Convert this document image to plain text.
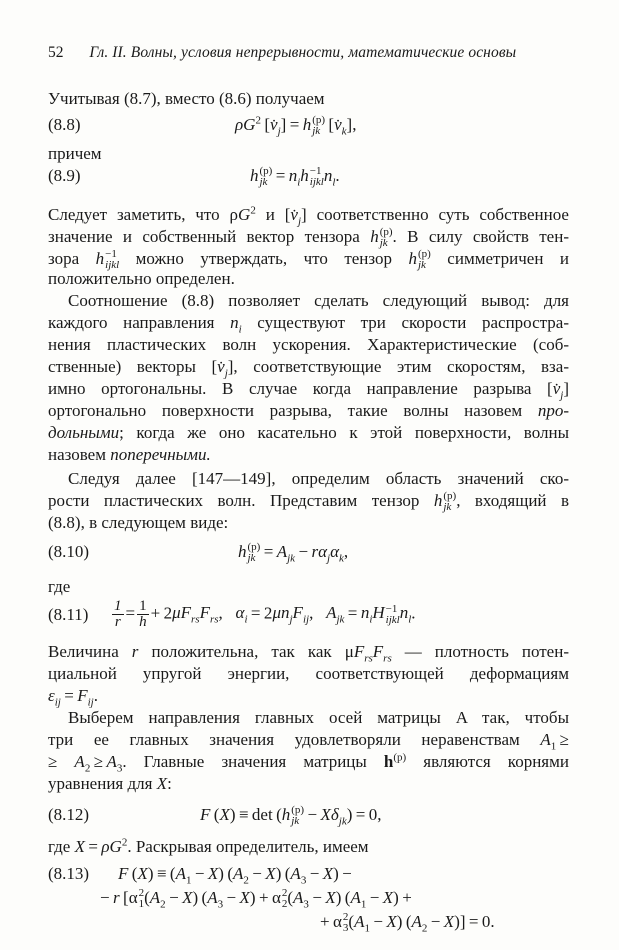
52 Гл. II. Волны, условия непрерывности, математические основы
Учитывая (8.7), вместо (8.6) получаем
(8.8)	$\rho G^2$ $[v̇_j] = h$ (p)
jk  $[v̇_k]$,
причем
(8.9)	h (p)
jk  = $n_ih -1$
ijkl $n_l$.
Следует заметить, что $\rho G^2$ и $[v̇_j]$ соответственно суть собственное
значение и собственный вектор тензора h (p)
jk . В силу свойств тен-
зора h −1
ijkl можно утверждать, что тензор h (p)
jk симметричен и
положительно определен.
Соотношение (8.8) позволяет сделать следующий вывод: для
каждого направления $n_i$ существуют три скорости распростра-
нения пластических волн ускорения. Характеристические (соб-
ственные) векторы $[v̇_j]$, соответствующие этим скоростям, вза-
имно ортогональны. В случае когда направление разрыва $[v̇_j]$
ортогонально поверхности разрыва, такие волны назовем про-
дольными; когда же оно касательно к этой поверхности, волны
назовем поперечными.
Следуя далее [147—149], определим область значений ско-
рости пластических волн. Представим тензор h (p)
jk , входящий в
(8.8), в следующем виде:
(8.10)	h (p)
jk  = $A_{jk} - r\alpha_j\alpha_k$,
где
$(8.11) \frac{1}{r} = \frac{1}{h} + 2\mu F_{rs}F_{rs}$,  $\alpha_i = 2\mu n_jF_{ij}$,  $A_{jk} = n_iH -1$
ijkl $n_l$.
Величина r положительна, так как $\mu F_{rs}F_{rs}$ — плотность потен-
циальной упругой энергии, соответствующей деформациям
$\varepsilon_{ij} = F_{ij}$.
Выберем направления главных осей матрицы A так, чтобы
три ее главных значения удовлетворяли неравенствам $A_1$ ≥
≥ $A_2 \ge A_3$. Главные значения матрицы $h^{(p)}$ являются корнями
уравнения для X:
(8.12)	F (X) ≡ det (h (p)
jk  − $X\delta_{jk}) = 0$,
где $X = \rho G^2$. Раскрывая определитель, имеем
(8.13) F $(X) \equiv (A_1 - X) (A_2 - X) (A_3 - X)$ −
− r [α 2
1 $(A_2 - X) (A_3 - X) + \alpha$ 2
2 $(A_3 - X) (A_1 - X)$ +
+ α 2
3 $(A_1 - X) (A_2 - X)] = 0$.
